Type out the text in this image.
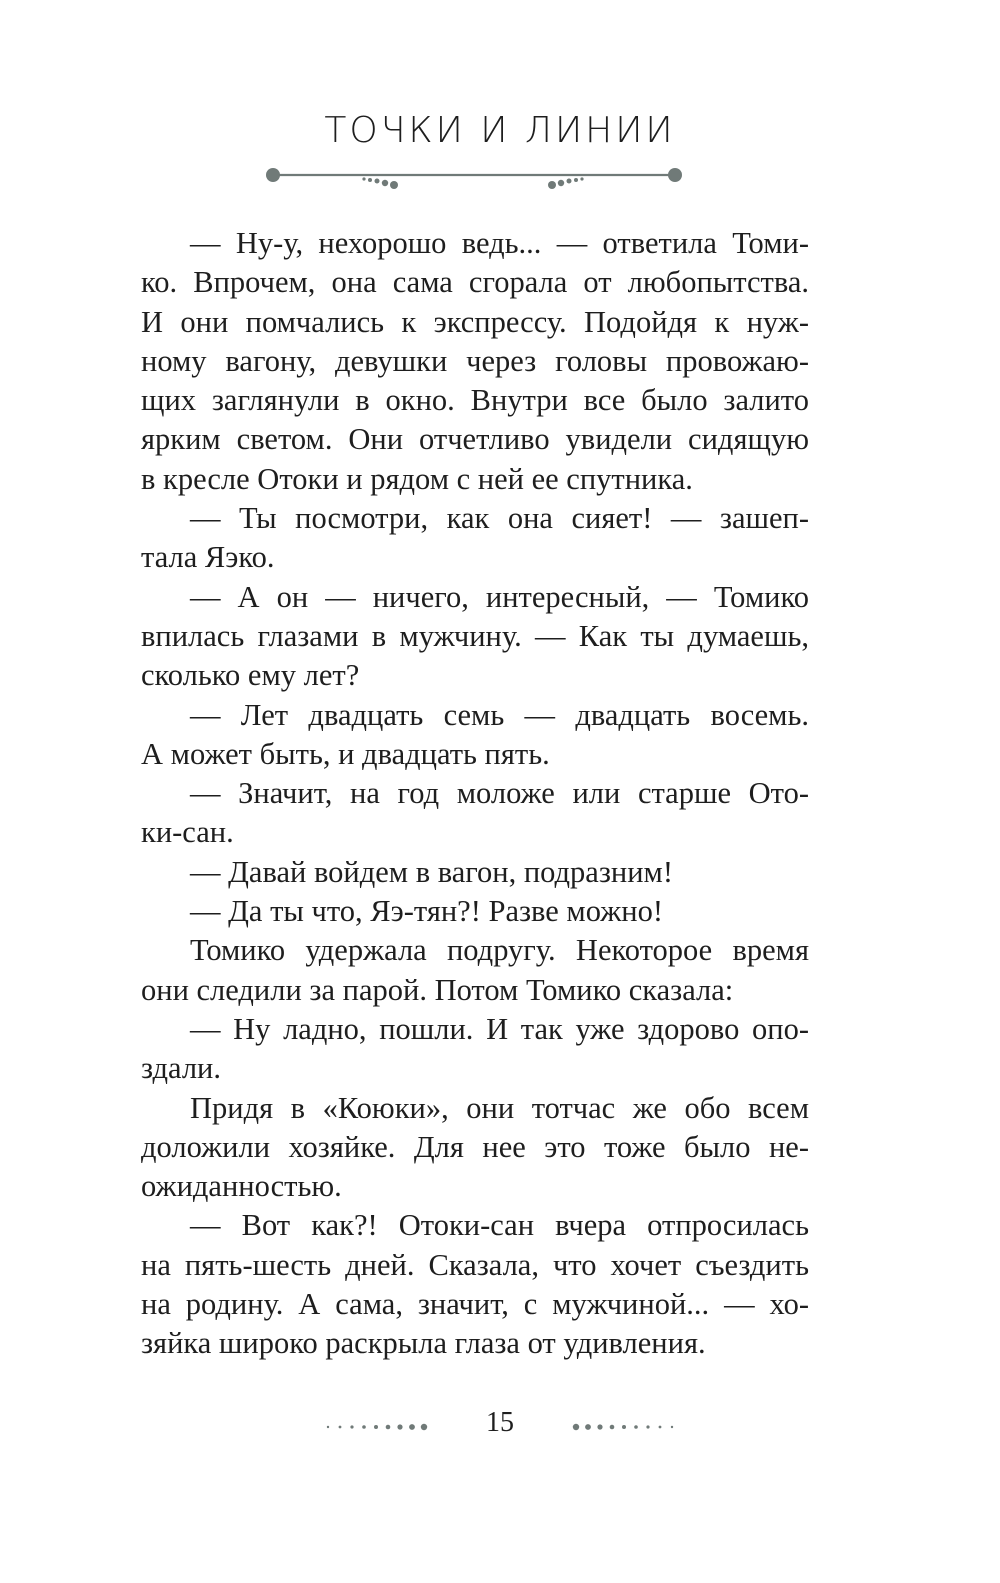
ТОЧКИ И ЛИНИИ

— Ну-у, нехорошо ведь... — ответила Томи-

ко. Впрочем, она сама сгорала от любопытства.

И они помчались к экспрессу. Подойдя к нуж-

ному вагону, девушки через головы провожаю-

щих заглянули в окно. Внутри все было залито

ярким светом. Они отчетливо увидели сидящую

в кресле Отоки и рядом с ней ее спутника.

— Ты посмотри, как она сияет! — зашеп-

тала Яэко.

— А он — ничего, интересный, — Томико

впилась глазами в мужчину. — Как ты думаешь,

сколько ему лет?

— Лет двадцать семь — двадцать восемь.

А может быть, и двадцать пять.

— Значит, на год моложе или старше Ото-

ки-сан.

— Давай войдем в вагон, подразним!

— Да ты что, Яэ-тян?! Разве можно!

Томико удержала подругу. Некоторое время

они следили за парой. Потом Томико сказала:

— Ну ладно, пошли. И так уже здорово опо-

здали.

Придя в «Коюки», они тотчас же обо всем

доложили хозяйке. Для нее это тоже было не-

ожиданностью.

— Вот как?! Отоки-сан вчера отпросилась

на пять-шесть дней. Сказала, что хочет съездить

на родину. А сама, значит, с мужчиной... — хо-

зяйка широко раскрыла глаза от удивления.

15
